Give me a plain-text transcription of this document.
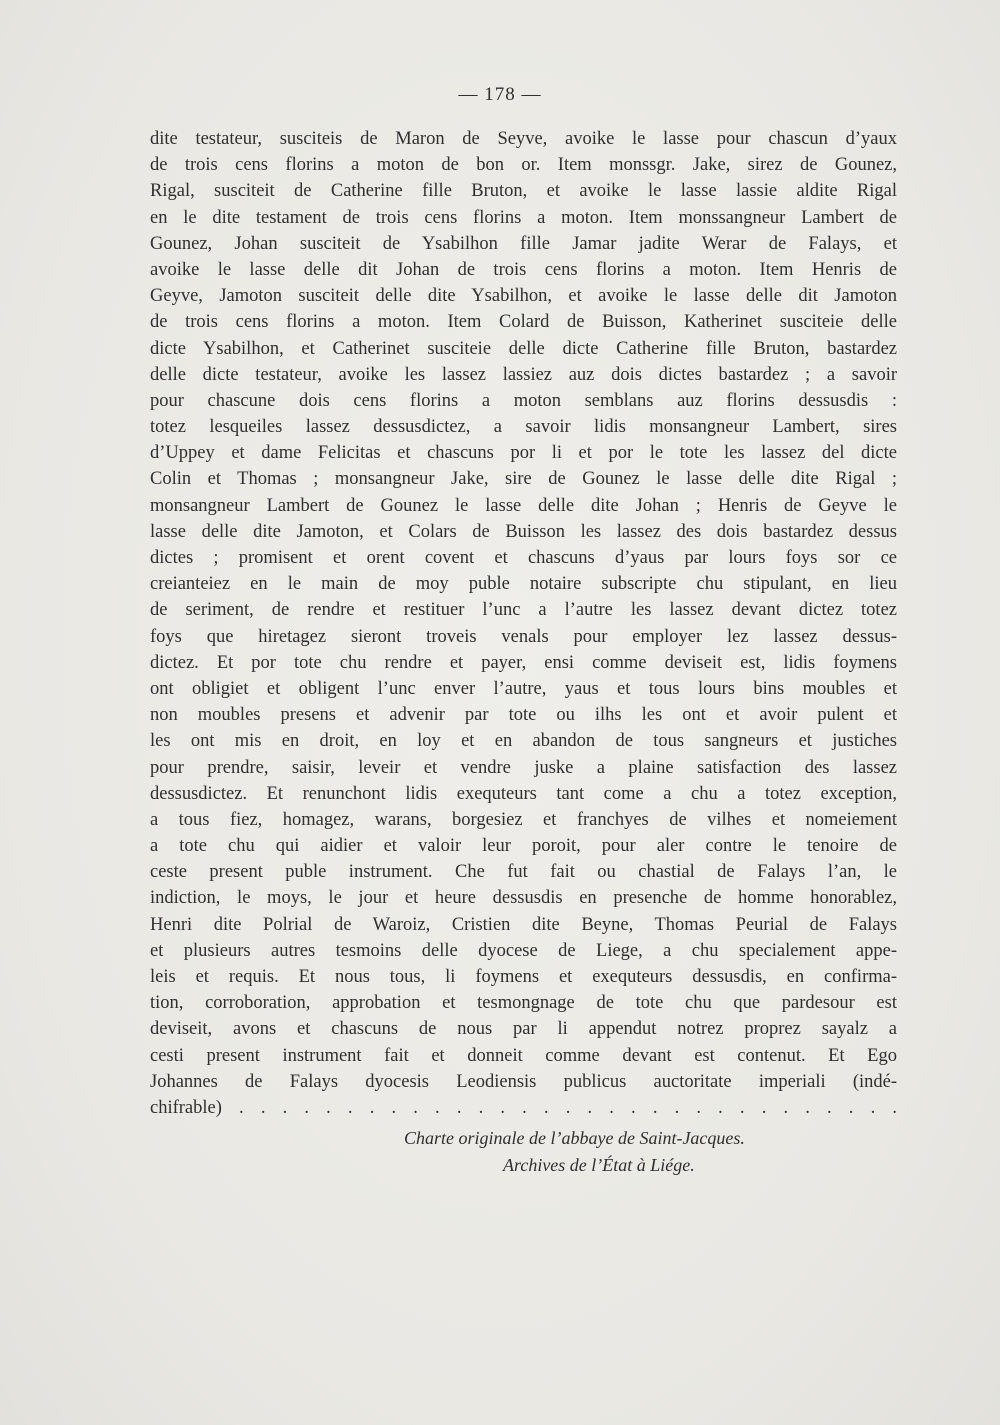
— 178 —
dite testateur, susciteis de Maron de Seyve, avoike le lasse pour chascun d’yaux
de trois cens florins a moton de bon or. Item monssgr. Jake, sirez de Gounez,
Rigal, susciteit de Catherine fille Bruton, et avoike le lasse lassie aldite Rigal
en le dite testament de trois cens florins a moton. Item monssangneur Lambert de
Gounez, Johan susciteit de Ysabilhon fille Jamar jadite Werar de Falays, et
avoike le lasse delle dit Johan de trois cens florins a moton. Item Henris de
Geyve, Jamoton susciteit delle dite Ysabilhon, et avoike le lasse delle dit Jamoton
de trois cens florins a moton. Item Colard de Buisson, Katherinet susciteie delle
dicte Ysabilhon, et Catherinet susciteie delle dicte Catherine fille Bruton, bastardez
delle dicte testateur, avoike les lassez lassiez auz dois dictes bastardez ; a savoir
pour chascune dois cens florins a moton semblans auz florins dessusdis :
totez lesqueiles lassez dessusdictez, a savoir lidis monsangneur Lambert, sires
d’Uppey et dame Felicitas et chascuns por li et por le tote les lassez del dicte
Colin et Thomas ; monsangneur Jake, sire de Gounez le lasse delle dite Rigal ;
monsangneur Lambert de Gounez le lasse delle dite Johan ; Henris de Geyve le
lasse delle dite Jamoton, et Colars de Buisson les lassez des dois bastardez dessus
dictes ; promisent et orent covent et chascuns d’yaus par lours foys sor ce
creianteiez en le main de moy puble notaire subscripte chu stipulant, en lieu
de seriment, de rendre et restituer l’unc a l’autre les lassez devant dictez totez
foys que hiretagez sieront troveis venals pour employer lez lassez dessus-
dictez. Et por tote chu rendre et payer, ensi comme deviseit est, lidis foymens
ont obligiet et obligent l’unc enver l’autre, yaus et tous lours bins moubles et
non moubles presens et advenir par tote ou ilhs les ont et avoir pulent et
les ont mis en droit, en loy et en abandon de tous sangneurs et justiches
pour prendre, saisir, leveir et vendre juske a plaine satisfaction des lassez
dessusdictez. Et renunchont lidis exequteurs tant come a chu a totez exception,
a tous fiez, homagez, warans, borgesiez et franchyes de vilhes et nomeiement
a tote chu qui aidier et valoir leur poroit, pour aler contre le tenoire de
ceste present puble instrument. Che fut fait ou chastial de Falays l’an, le
indiction, le moys, le jour et heure dessusdis en presenche de homme honorablez,
Henri dite Polrial de Waroiz, Cristien dite Beyne, Thomas Peurial de Falays
et plusieurs autres tesmoins delle dyocese de Liege, a chu specialement appe-
leis et requis. Et nous tous, li foymens et exequteurs dessusdis, en confirma-
tion, corroboration, approbation et tesmongnage de tote chu que pardesour est
deviseit, avons et chascuns de nous par li appendut notrez proprez sayalz a
cesti present instrument fait et donneit comme devant est contenut. Et Ego
Johannes de Falays dyocesis Leodiensis publicus auctoritate imperiali (indé-
chifrable) . . . . . . . . . . . . . . . . . . . . . . . . . . . . . . .
Charte originale de l’abbaye de Saint-Jacques.
Archives de l’État à Liége.
